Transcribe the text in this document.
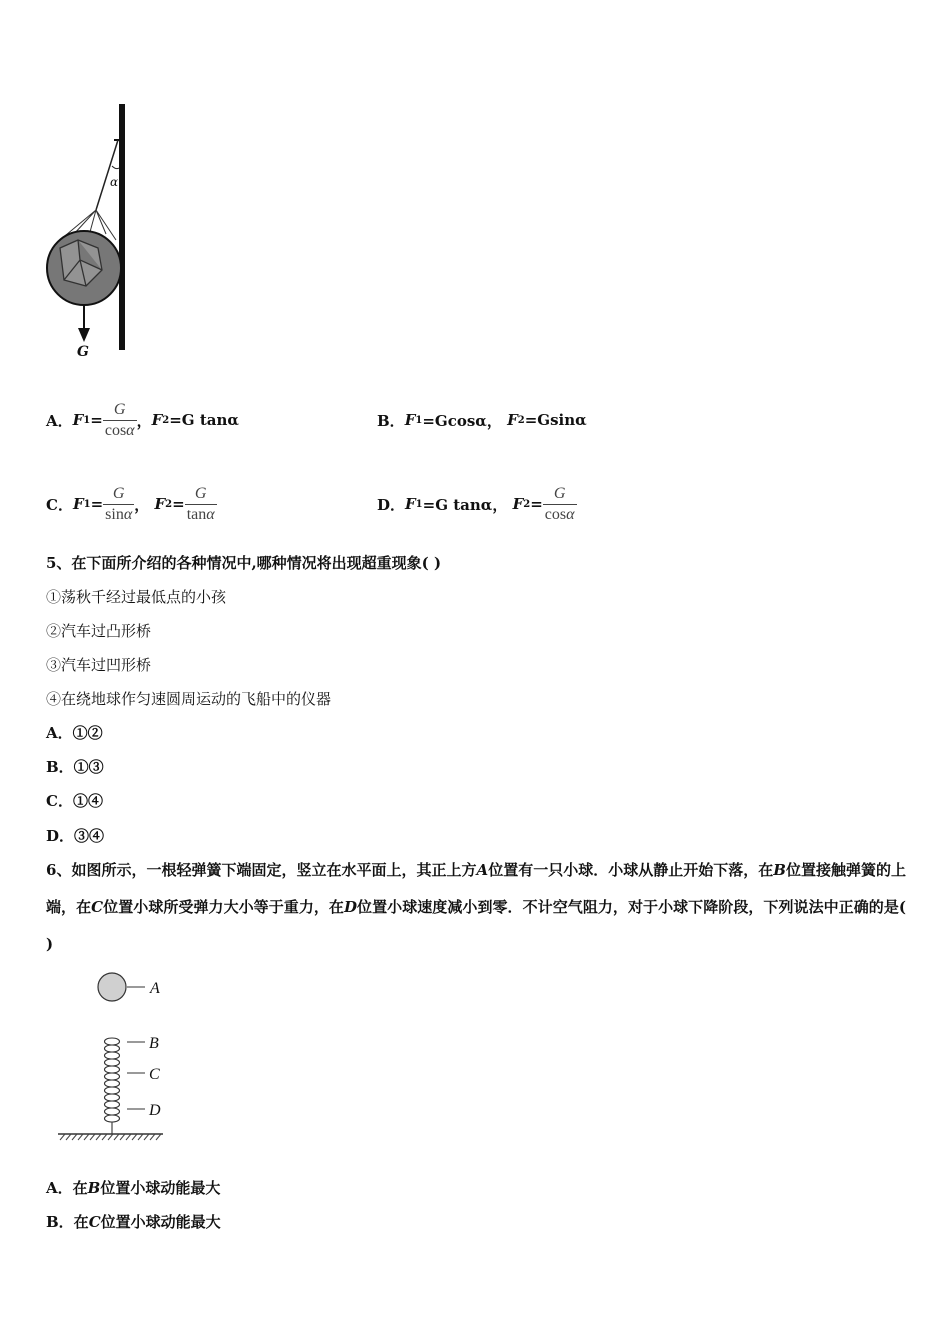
α
G
A． F $1 = \frac{G}{\cos\alpha}$ ， F 2 =G tanα	B． F 1 =Gcosα，
F 2 =Gsinα
C． F $1 = \frac{G}{\sin\alpha}$ ，
F $2 = \frac{G}{\tan\alpha}$	D． F 1 =G tanα，
F $2 = \frac{G}{\cos\alpha}$
5、在下面所介绍的各种情况中,哪种情况将出现超重现象( )
①荡秋千经过最低点的小孩
②汽车过凸形桥
③汽车过凹形桥
④在绕地球作匀速圆周运动的飞船中的仪器
A．①②
B．①③
C．①④
D．③④
6、如图所示，一根轻弹簧下端固定，竖立在水平面上，其正上方A位置有一只小球．小球从静止开始下落，在B位置接触弹簧的上端，在C位置小球所受弹力大小等于重力，在D位置小球速度减小到零．不计空气阻力，对于小球下降阶段，下列说法中正确的是( )
A
B
C
D
A．在B位置小球动能最大
B．在C位置小球动能最大
